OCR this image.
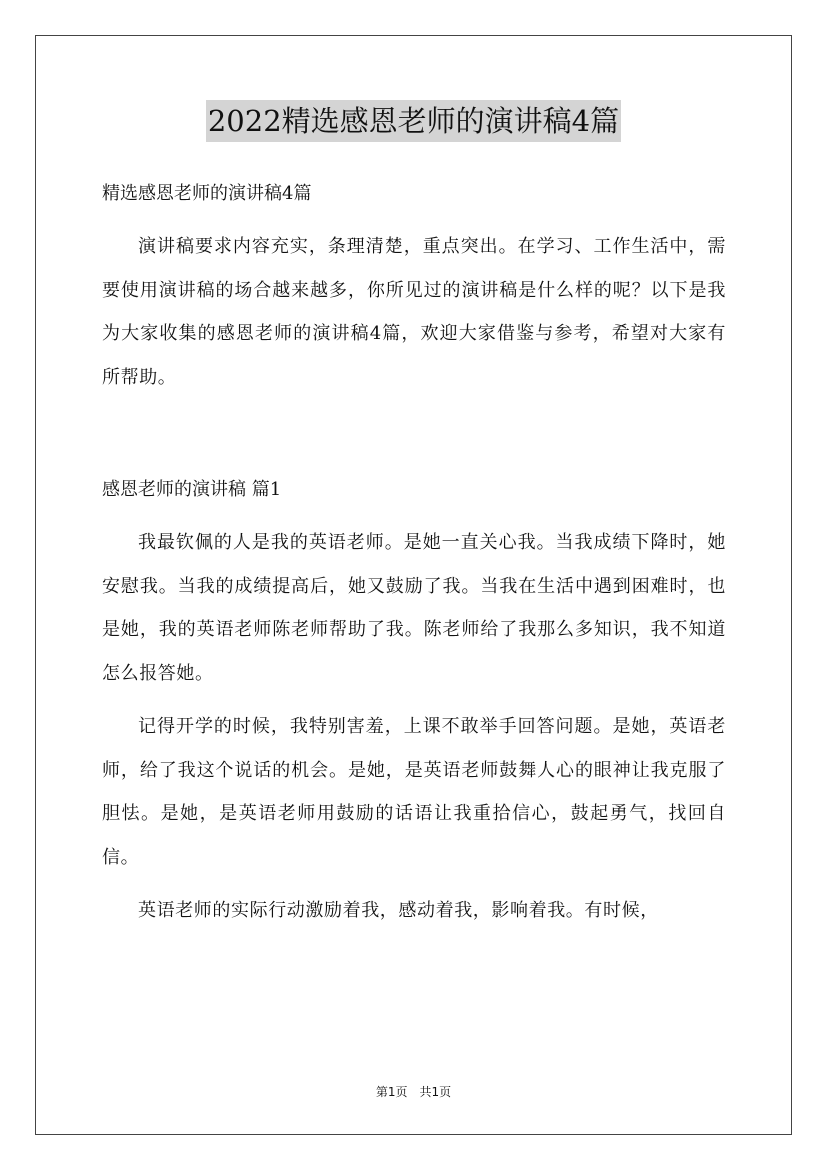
2022精选感恩老师的演讲稿4篇

精选感恩老师的演讲稿4篇

演讲稿要求内容充实，条理清楚，重点突出。在学习、工作生活中，需要使用演讲稿的场合越来越多，你所见过的演讲稿是什么样的呢？以下是我为大家收集的感恩老师的演讲稿4篇，欢迎大家借鉴与参考，希望对大家有所帮助。

感恩老师的演讲稿 篇1

我最钦佩的人是我的英语老师。是她一直关心我。当我成绩下降时，她安慰我。当我的成绩提高后，她又鼓励了我。当我在生活中遇到困难时，也是她，我的英语老师陈老师帮助了我。陈老师给了我那么多知识，我不知道怎么报答她。

记得开学的时候，我特别害羞，上课不敢举手回答问题。是她，英语老师，给了我这个说话的机会。是她，是英语老师鼓舞人心的眼神让我克服了胆怯。是她，是英语老师用鼓励的话语让我重拾信心，鼓起勇气，找回自信。

英语老师的实际行动激励着我，感动着我，影响着我。有时候，

第1页　共1页
